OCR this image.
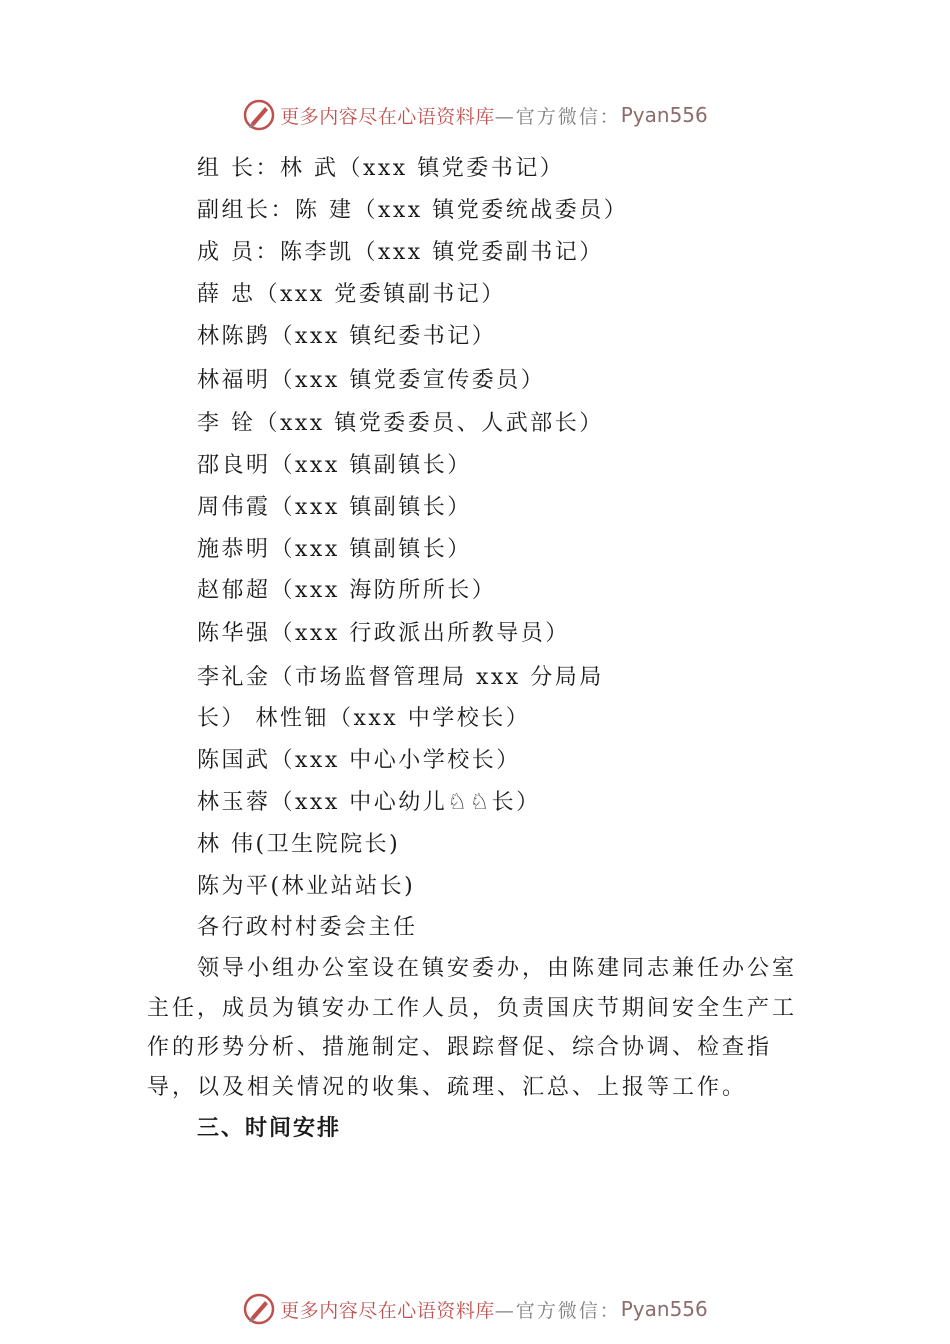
更多内容尽在心语资料库 —官方微信： Pyan556
组 长：林 武（xxx 镇党委书记）
副组长：陈 建（xxx 镇党委统战委员）
成 员：陈李凯（xxx 镇党委副书记）
薛 忠（xxx 党委镇副书记）
林陈鹍（xxx 镇纪委书记）
林福明（xxx 镇党委宣传委员）
李 铨（xxx 镇党委委员、人武部长）
邵良明（xxx 镇副镇长）
周伟霞（xxx 镇副镇长）
施恭明（xxx 镇副镇长）
赵郁超（xxx 海防所所长）
陈华强（xxx 行政派出所教导员）
李礼金（市场监督管理局 xxx 分局局
长） 林性钿（xxx 中学校长）
陈国武（xxx 中心小学校长）
林玉蓉（xxx 中心幼儿♘♘长）
林 伟(卫生院院长)
陈为平(林业站站长)
各行政村村委会主任
领导小组办公室设在镇安委办，由陈建同志兼任办公室主任，成员为镇安办工作人员，负责国庆节期间安全生产工作的形势分析、措施制定、跟踪督促、综合协调、检查指导，以及相关情况的收集、疏理、汇总、上报等工作。
三、时间安排
更多内容尽在心语资料库 —官方微信： Pyan556
